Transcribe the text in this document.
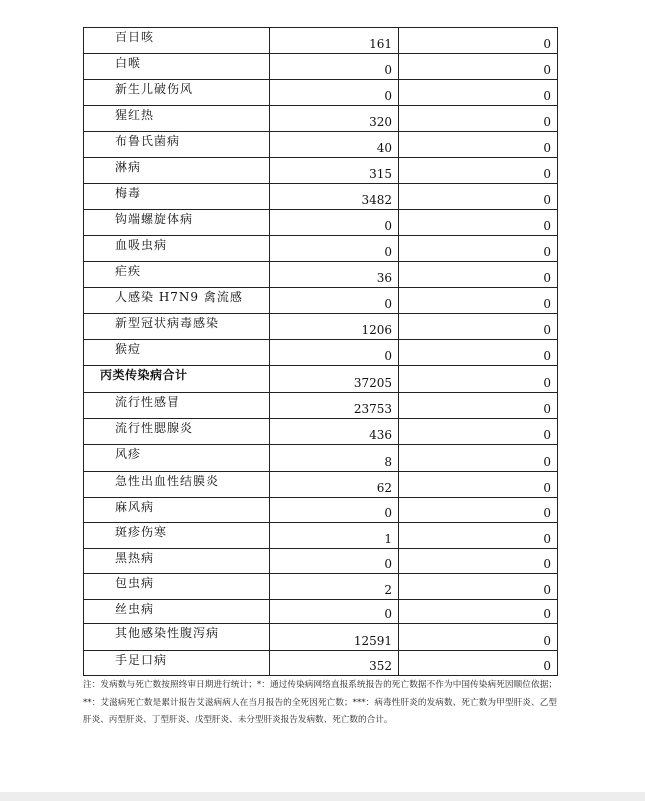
百日咳	161	0
白喉	0	0
新生儿破伤风	0	0
猩红热	320	0
布鲁氏菌病	40	0
淋病	315	0
梅毒	3482	0
钩端螺旋体病	0	0
血吸虫病	0	0
疟疾	36	0
人感染 H7N9 禽流感	0	0
新型冠状病毒感染	1206	0
猴痘	0	0
丙类传染病合计	37205	0
流行性感冒	23753	0
流行性腮腺炎	436	0
风疹	8	0
急性出血性结膜炎	62	0
麻风病	0	0
斑疹伤寒	1	0
黑热病	0	0
包虫病	2	0
丝虫病	0	0
其他感染性腹泻病	12591	0
手足口病	352	0
注：发病数与死亡数按照终审日期进行统计；*：通过传染病网络直报系统报告的死亡数据不作为中国传染病死因顺位依据；**：艾滋病死亡数是累计报告艾滋病病人在当月报告的全死因死亡数；***：病毒性肝炎的发病数、死亡数为甲型肝炎、乙型肝炎、丙型肝炎、丁型肝炎、戊型肝炎、未分型肝炎报告发病数、死亡数的合计。
